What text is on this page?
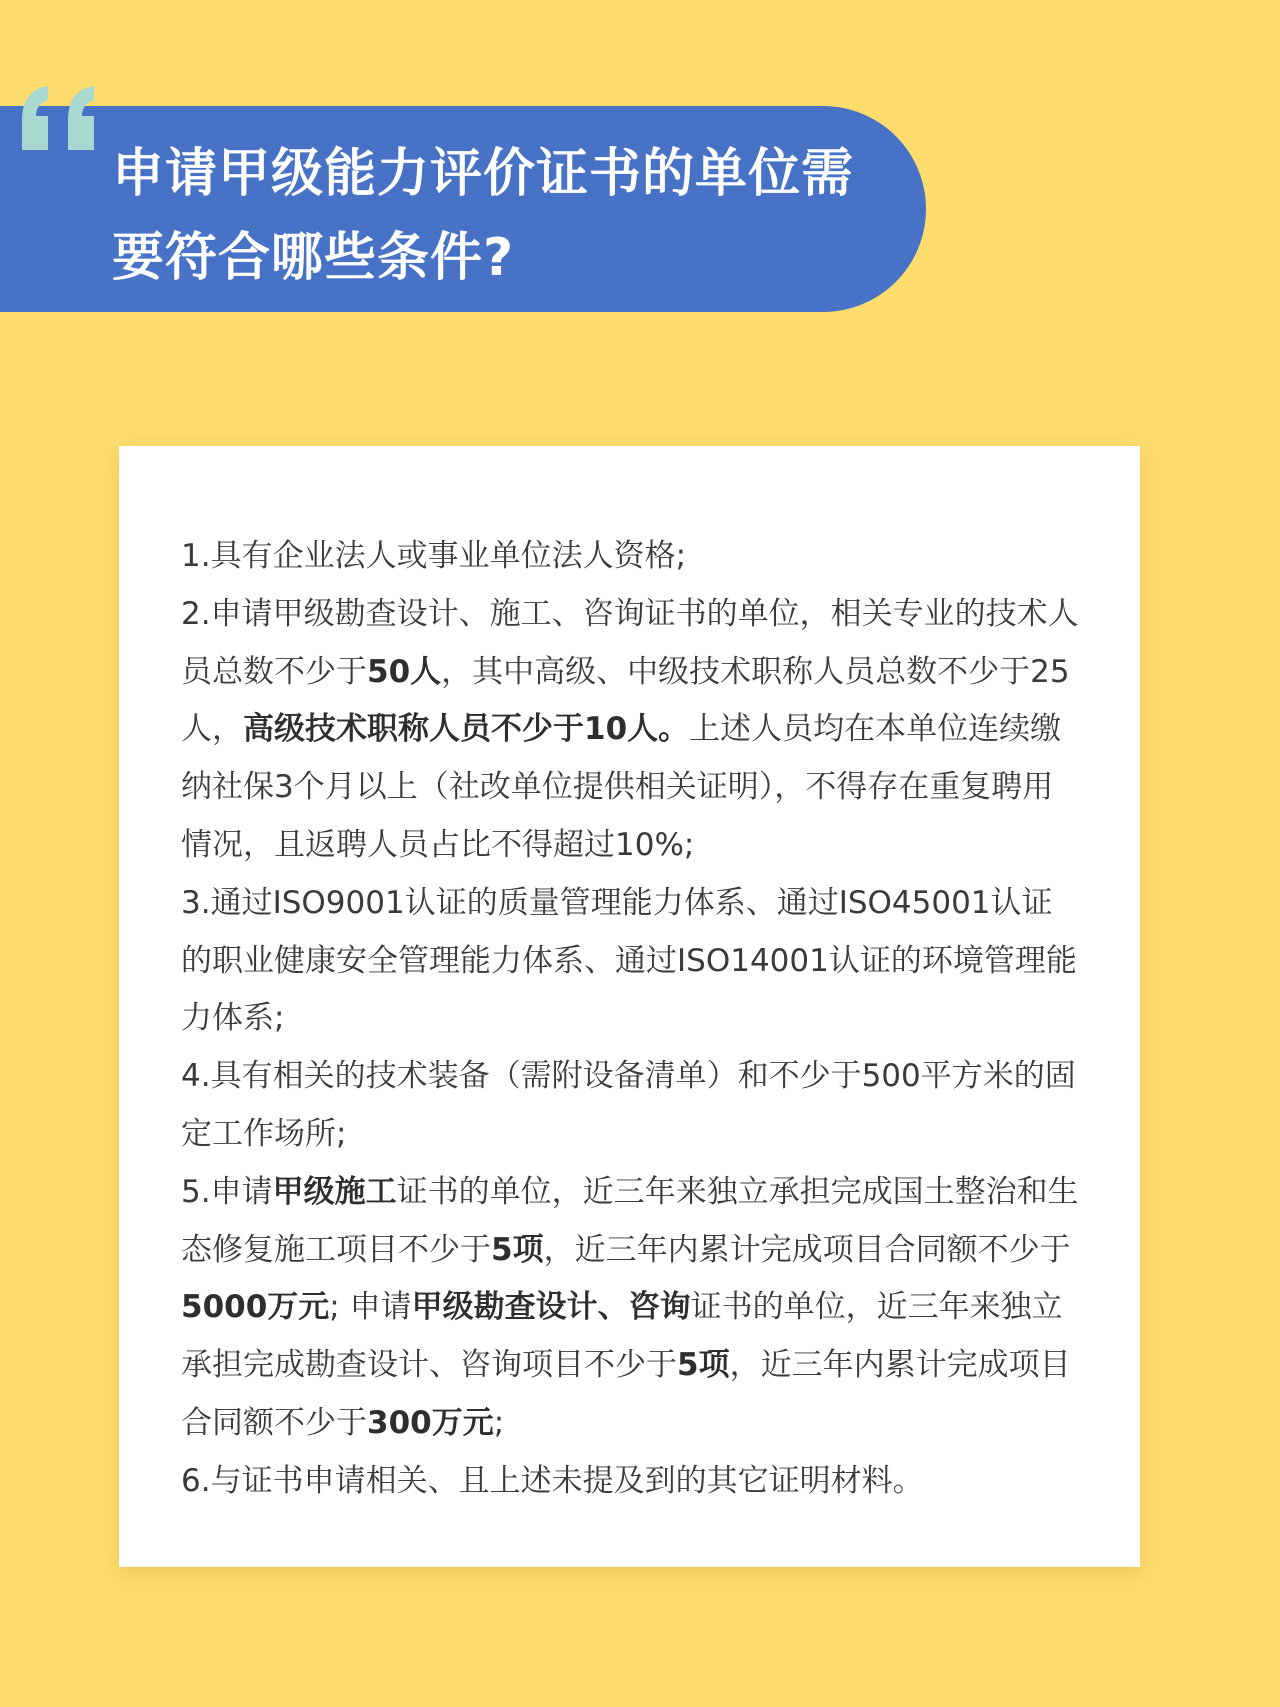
申请甲级能力评价证书的单位需
要符合哪些条件?

1.具有企业法人或事业单位法人资格;

2.申请甲级勘查设计、施工、咨询证书的单位，相关专业的技术人员总数不少于50人，其中高级、中级技术职称人员总数不少于25人，高级技术职称人员不少于10人。上述人员均在本单位连续缴纳社保3个月以上（社改单位提供相关证明），不得存在重复聘用情况，且返聘人员占比不得超过10%;

3.通过ISO9001认证的质量管理能力体系、通过ISO45001认证的职业健康安全管理能力体系、通过ISO14001认证的环境管理能力体系;

4.具有相关的技术装备（需附设备清单）和不少于500平方米的固定工作场所;

5.申请甲级施工证书的单位，近三年来独立承担完成国土整治和生态修复施工项目不少于5项，近三年内累计完成项目合同额不少于5000万元; 申请甲级勘查设计、咨询证书的单位，近三年来独立承担完成勘查设计、咨询项目不少于5项，近三年内累计完成项目合同额不少于300万元;

6.与证书申请相关、且上述未提及到的其它证明材料。
